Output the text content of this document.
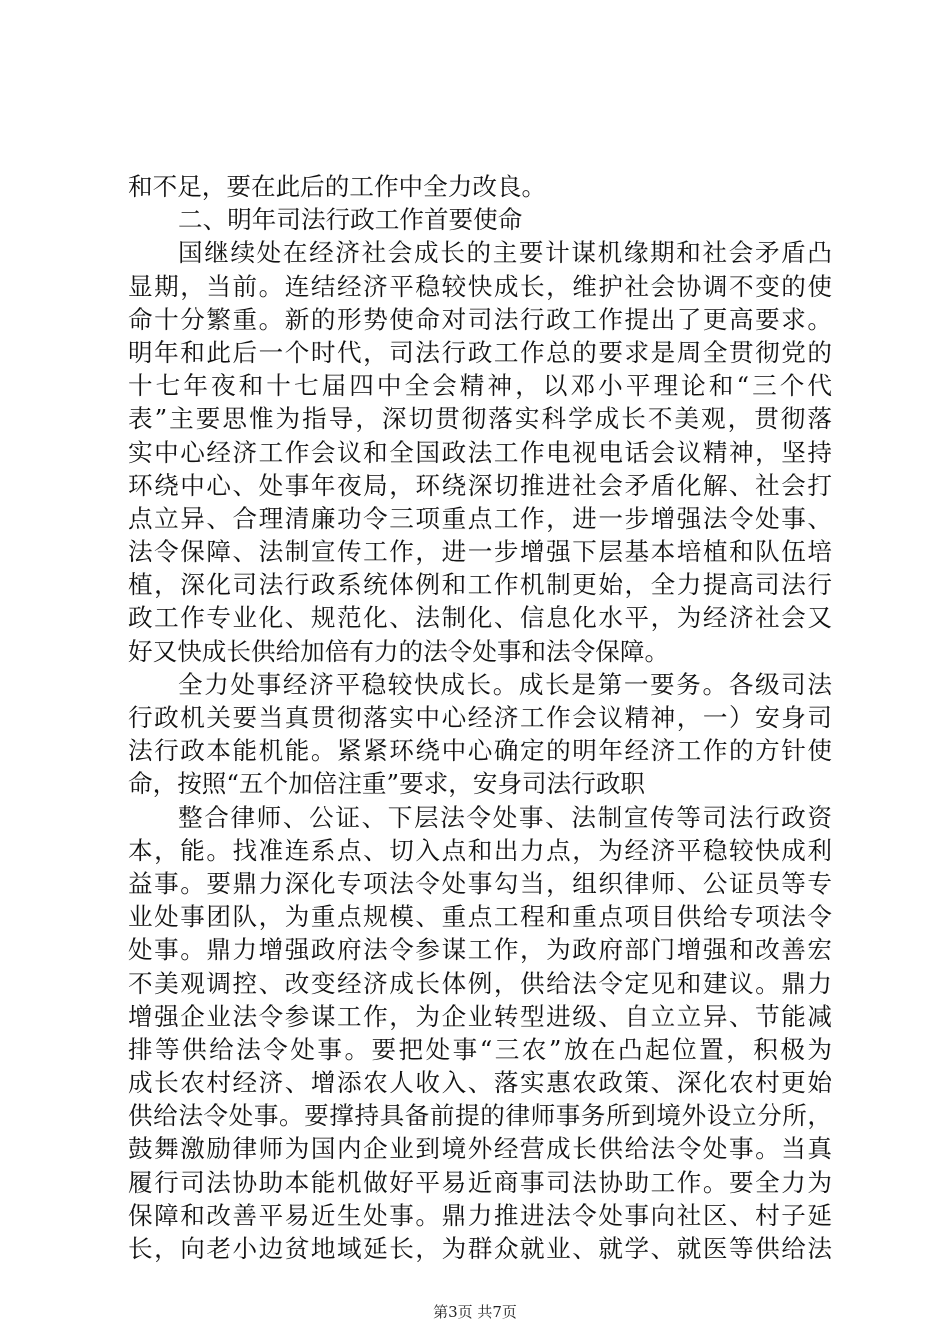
和不足，要在此后的工作中全力改良。
二、明年司法行政工作首要使命
国继续处在经济社会成长的主要计谋机缘期和社会矛盾凸
显期，当前。连结经济平稳较快成长，维护社会协调不变的使
命十分繁重。新的形势使命对司法行政工作提出了更高要求。
明年和此后一个时代，司法行政工作总的要求是周全贯彻党的
十七年夜和十七届四中全会精神，以邓小平理论和“三个代
表”主要思惟为指导，深切贯彻落实科学成长不美观，贯彻落
实中心经济工作会议和全国政法工作电视电话会议精神，坚持
环绕中心、处事年夜局，环绕深切推进社会矛盾化解、社会打
点立异、合理清廉功令三项重点工作，进一步增强法令处事、
法令保障、法制宣传工作，进一步增强下层基本培植和队伍培
植，深化司法行政系统体例和工作机制更始，全力提高司法行
政工作专业化、规范化、法制化、信息化水平，为经济社会又
好又快成长供给加倍有力的法令处事和法令保障。
全力处事经济平稳较快成长。成长是第一要务。各级司法
行政机关要当真贯彻落实中心经济工作会议精神，一）安身司
法行政本能机能。紧紧环绕中心确定的明年经济工作的方针使
命，按照“五个加倍注重”要求，安身司法行政职
整合律师、公证、下层法令处事、法制宣传等司法行政资
本，能。找准连系点、切入点和出力点，为经济平稳较快成利
益事。要鼎力深化专项法令处事勾当，组织律师、公证员等专
业处事团队，为重点规模、重点工程和重点项目供给专项法令
处事。鼎力增强政府法令参谋工作，为政府部门增强和改善宏
不美观调控、改变经济成长体例，供给法令定见和建议。鼎力
增强企业法令参谋工作，为企业转型进级、自立立异、节能减
排等供给法令处事。要把处事“三农”放在凸起位置，积极为
成长农村经济、增添农人收入、落实惠农政策、深化农村更始
供给法令处事。要撑持具备前提的律师事务所到境外设立分所，
鼓舞激励律师为国内企业到境外经营成长供给法令处事。当真
履行司法协助本能机做好平易近商事司法协助工作。要全力为
保障和改善平易近生处事。鼎力推进法令处事向社区、村子延
长，向老小边贫地域延长，为群众就业、就学、就医等供给法
第3页 共7页
